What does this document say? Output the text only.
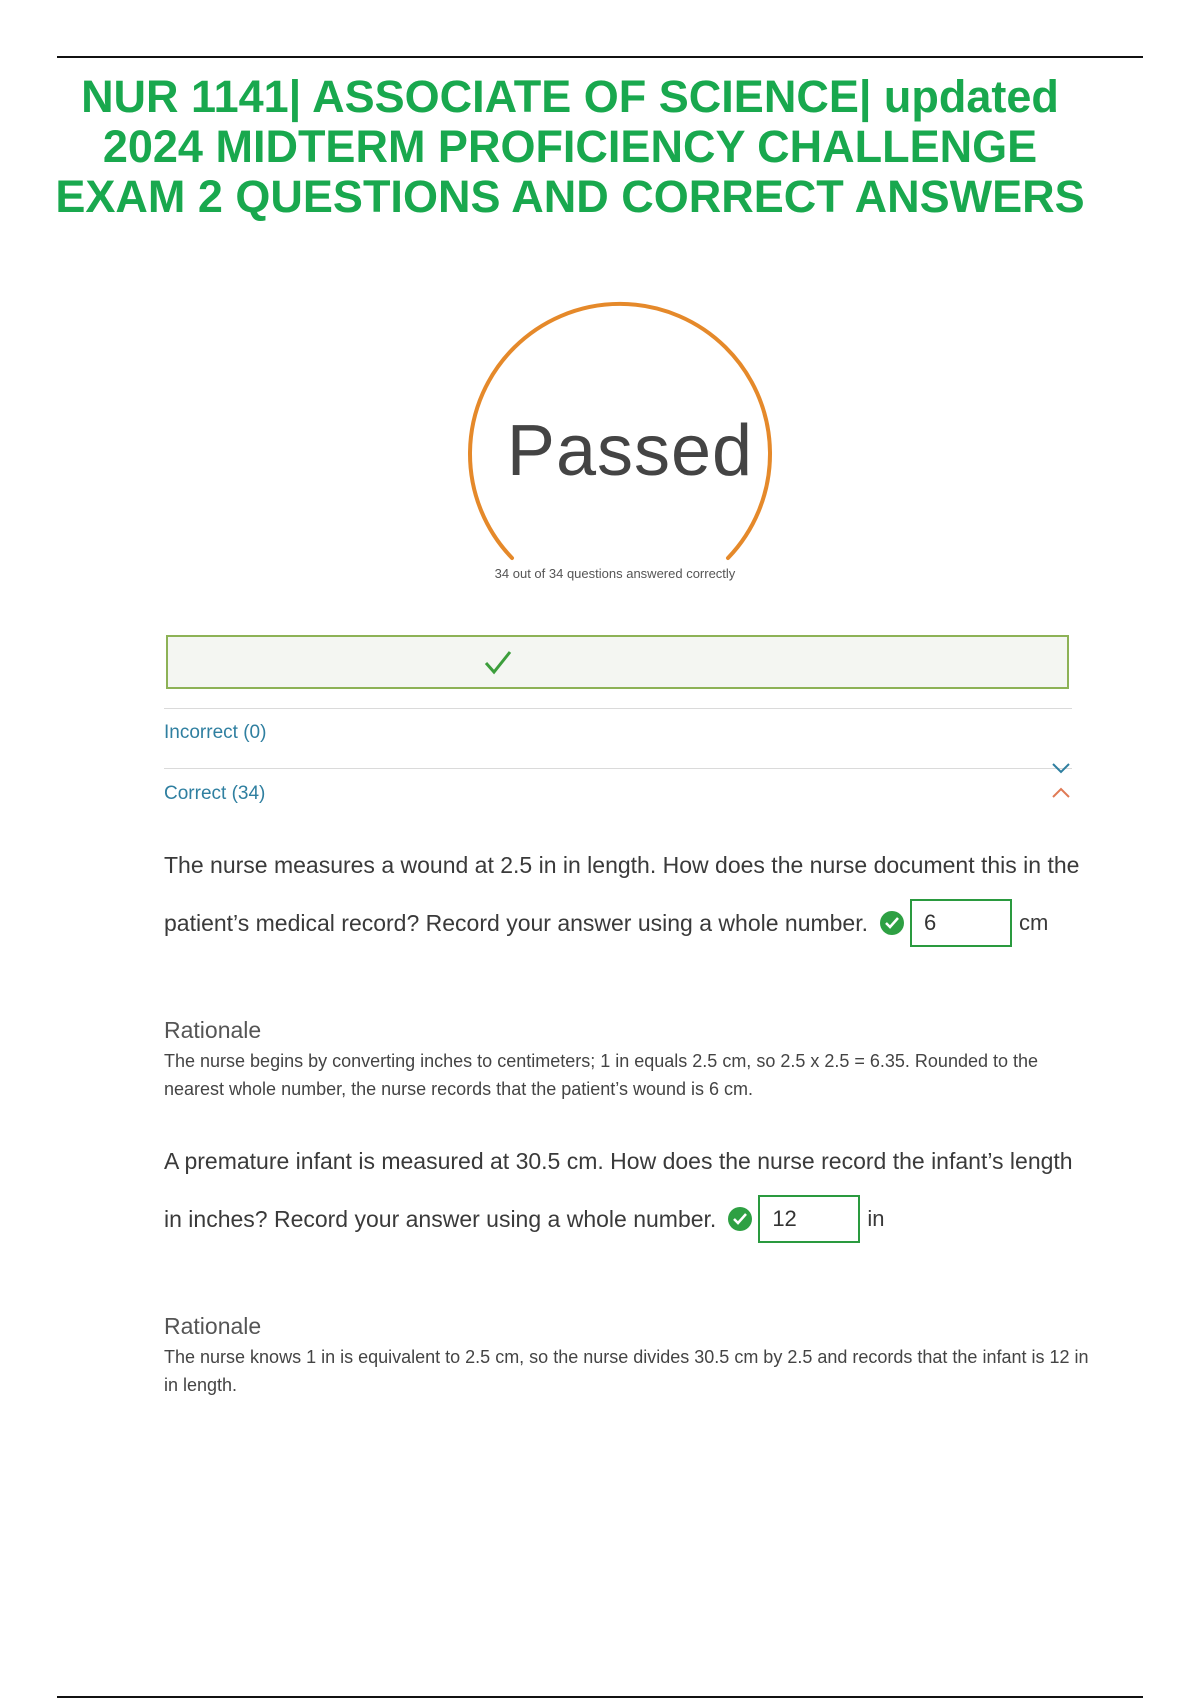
NUR 1141| ASSOCIATE OF SCIENCE| updated 2024 MIDTERM PROFICIENCY CHALLENGE EXAM 2 QUESTIONS AND CORRECT ANSWERS
Passed
34 out of 34 questions answered correctly
Incorrect (0)
Correct (34)
The nurse measures a wound at 2.5 in in length. How does the nurse document this in the
patient’s medical record? Record your answer using a whole number.	6	cm
Rationale
The nurse begins by converting inches to centimeters; 1 in equals 2.5 cm, so 2.5 x 2.5 = 6.35. Rounded to the nearest whole number, the nurse records that the patient’s wound is 6 cm.
A premature infant is measured at 30.5 cm. How does the nurse record the infant’s length
in inches? Record your answer using a whole number.	12	in
Rationale
The nurse knows 1 in is equivalent to 2.5 cm, so the nurse divides 30.5 cm by 2.5 and records that the infant is 12 in in length.
